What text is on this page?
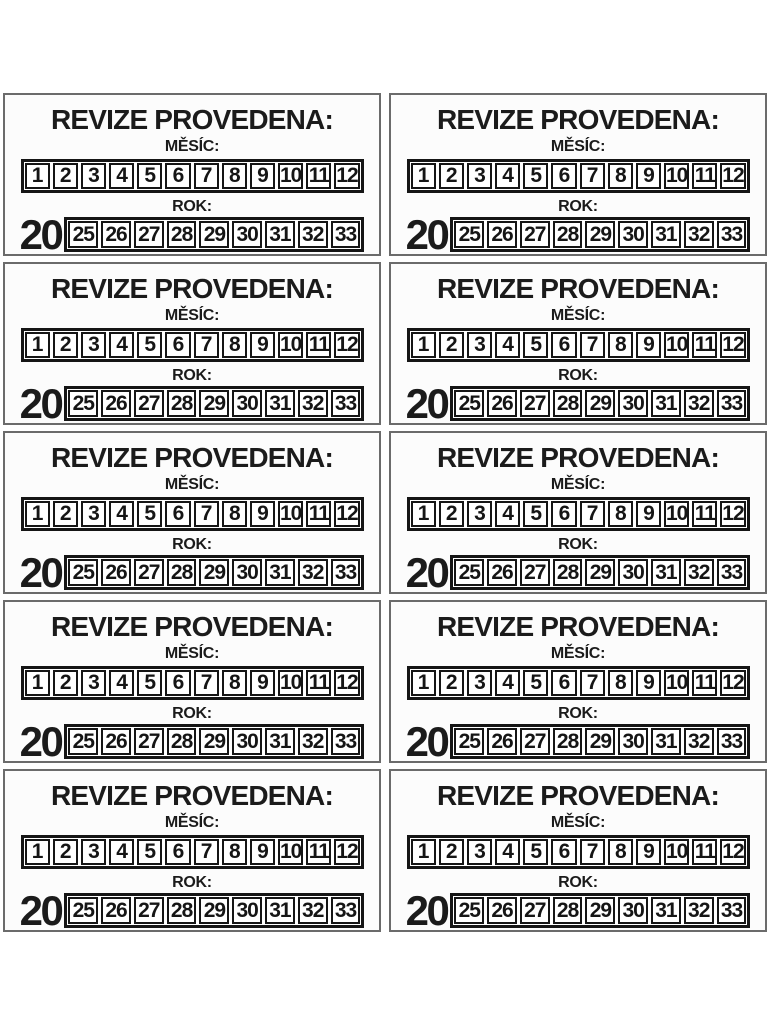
REVIZE PROVEDENA:
MĚSÍC:
1 2 3 4 5 6 7 8 9 10 11 12
ROK:
20 25 26 27 28 29 30 31 32 33
REVIZE PROVEDENA:
MĚSÍC:
1 2 3 4 5 6 7 8 9 10 11 12
ROK:
20 25 26 27 28 29 30 31 32 33
REVIZE PROVEDENA:
MĚSÍC:
1 2 3 4 5 6 7 8 9 10 11 12
ROK:
20 25 26 27 28 29 30 31 32 33
REVIZE PROVEDENA:
MĚSÍC:
1 2 3 4 5 6 7 8 9 10 11 12
ROK:
20 25 26 27 28 29 30 31 32 33
REVIZE PROVEDENA:
MĚSÍC:
1 2 3 4 5 6 7 8 9 10 11 12
ROK:
20 25 26 27 28 29 30 31 32 33
REVIZE PROVEDENA:
MĚSÍC:
1 2 3 4 5 6 7 8 9 10 11 12
ROK:
20 25 26 27 28 29 30 31 32 33
REVIZE PROVEDENA:
MĚSÍC:
1 2 3 4 5 6 7 8 9 10 11 12
ROK:
20 25 26 27 28 29 30 31 32 33
REVIZE PROVEDENA:
MĚSÍC:
1 2 3 4 5 6 7 8 9 10 11 12
ROK:
20 25 26 27 28 29 30 31 32 33
REVIZE PROVEDENA:
MĚSÍC:
1 2 3 4 5 6 7 8 9 10 11 12
ROK:
20 25 26 27 28 29 30 31 32 33
REVIZE PROVEDENA:
MĚSÍC:
1 2 3 4 5 6 7 8 9 10 11 12
ROK:
20 25 26 27 28 29 30 31 32 33
